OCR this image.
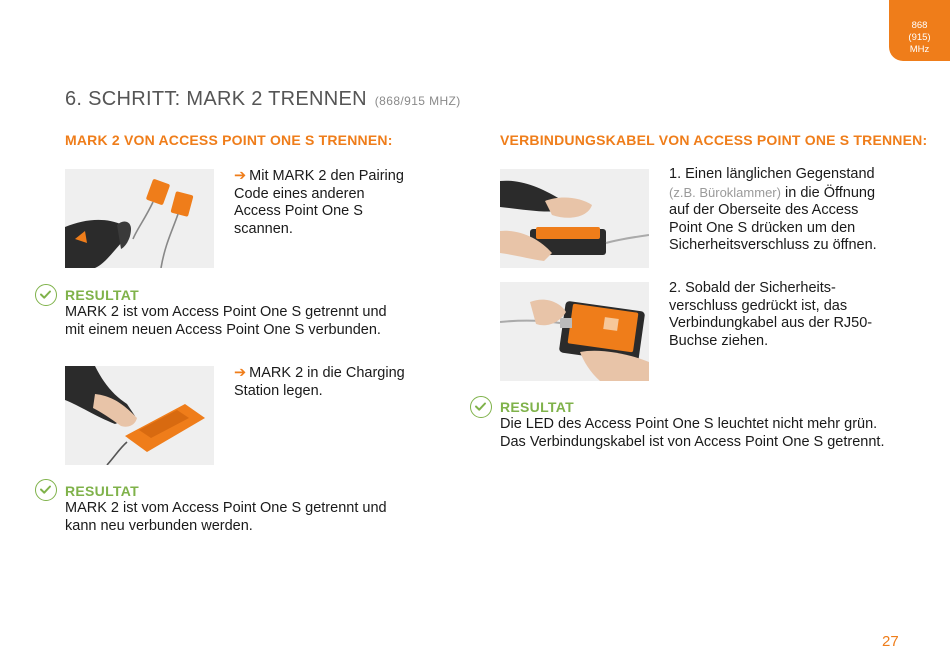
868
(915)
MHz
6. SCHRITT: MARK 2 TRENNEN (868/915 MHZ)
MARK 2 VON ACCESS POINT ONE S TRENNEN:
➔ Mit MARK 2 den Pairing Code eines anderen Access Point One S scannen.
RESULTAT
MARK 2 ist vom Access Point One S getrennt und mit einem neuen Access Point One S verbunden.
➔ MARK 2 in die Charging Station legen.
RESULTAT
MARK 2 ist vom Access Point One S getrennt und kann neu verbunden werden.
VERBINDUNGSKABEL VON ACCESS POINT ONE S TRENNEN:
1. Einen länglichen Gegenstand
(z.B. Büroklammer) in die Öffnung auf der Oberseite des Access Point One S drücken um den Sicherheitsverschluss zu öffnen.
2. Sobald der Sicherheits-verschluss gedrückt ist, das Verbindungkabel aus der RJ50-Buchse ziehen.
RESULTAT
Die LED des Access Point One S leuchtet nicht mehr grün. Das Verbindungskabel ist von Access Point One S getrennt.
27
